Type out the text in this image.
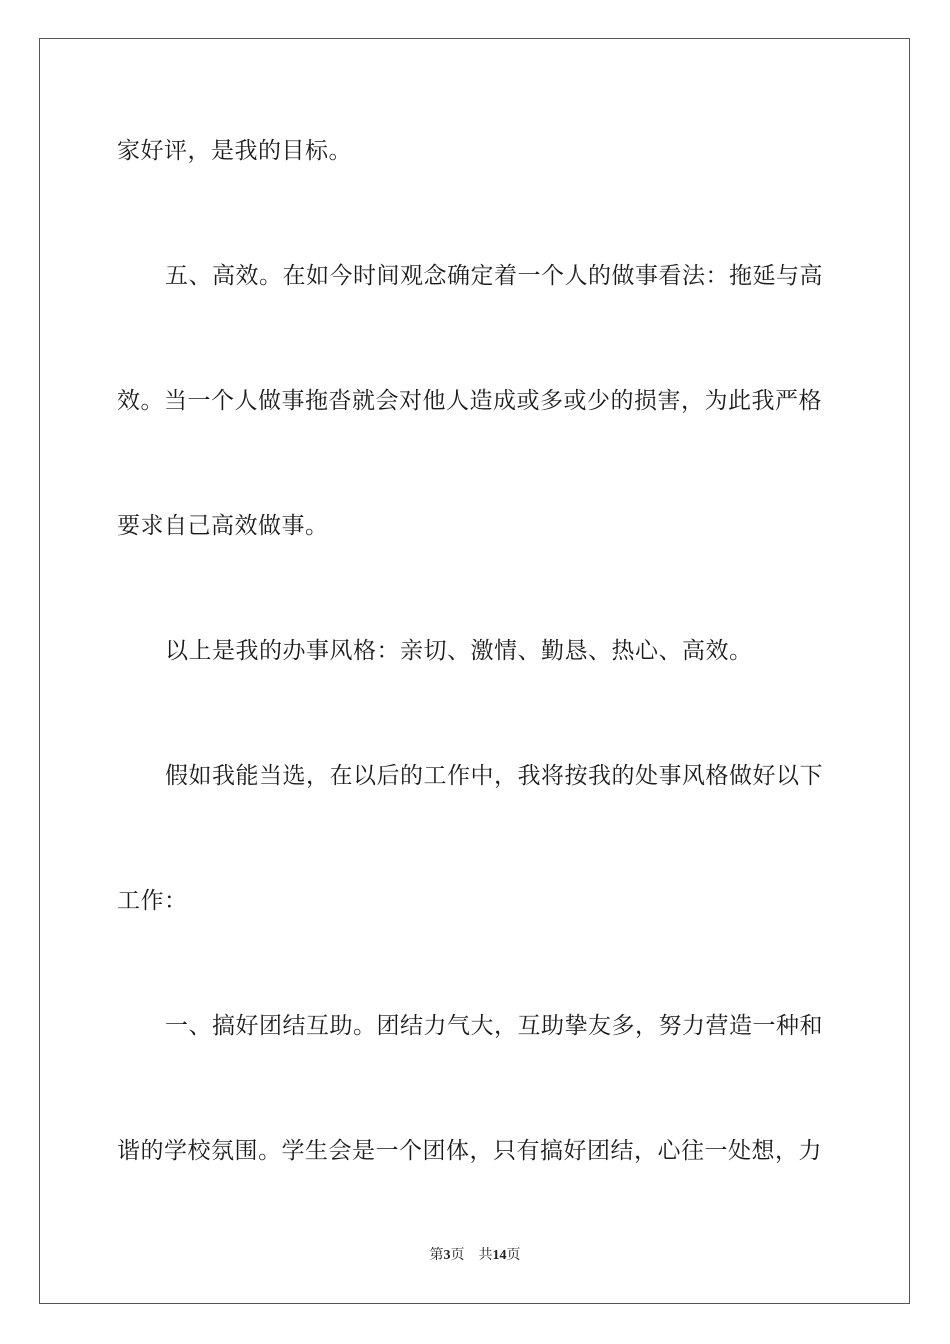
家好评，是我的目标。
五、高效。在如今时间观念确定着一个人的做事看法：拖延与高
效。当一个人做事拖沓就会对他人造成或多或少的损害，为此我严格
要求自己高效做事。
以上是我的办事风格：亲切、激情、勤恳、热心、高效。
假如我能当选，在以后的工作中，我将按我的处事风格做好以下
工作：
一、搞好团结互助。团结力气大，互助挚友多，努力营造一种和
谐的学校氛围。学生会是一个团体，只有搞好团结，心往一处想，力
第3页 共14页
